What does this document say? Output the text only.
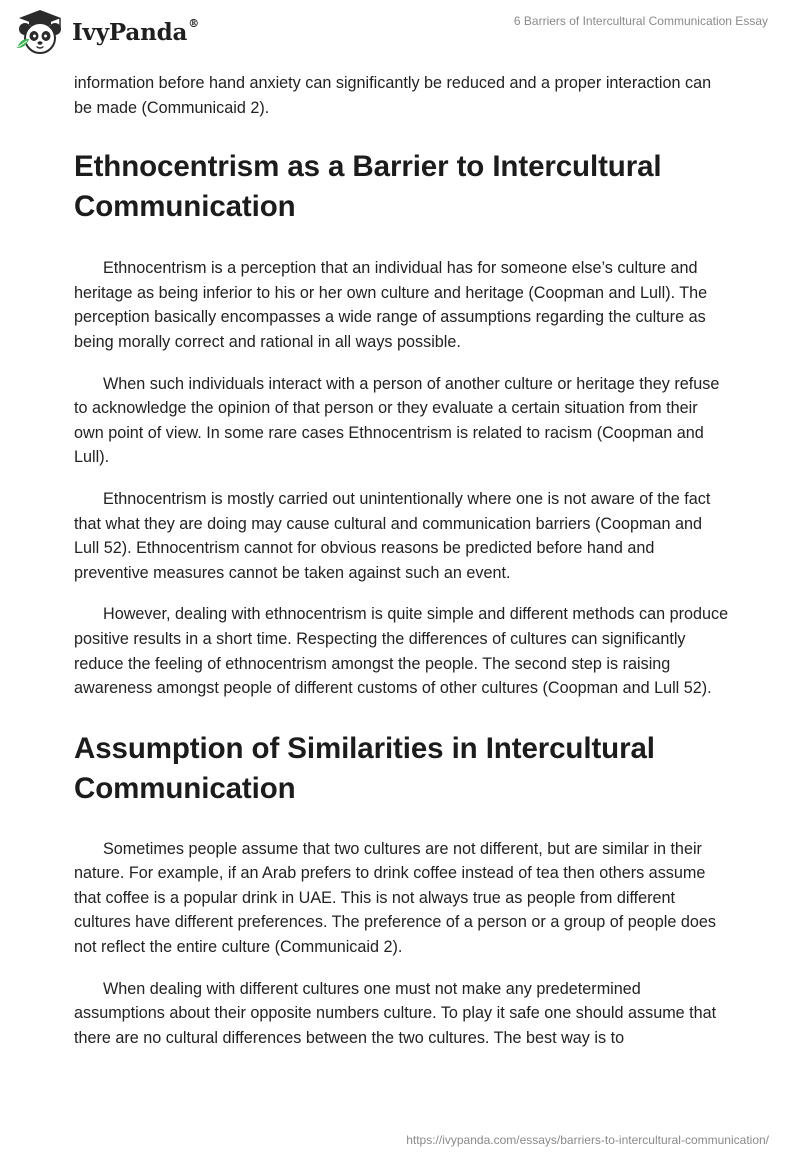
IvyPanda®	6 Barriers of Intercultural Communication Essay

information before hand anxiety can significantly be reduced and a proper interaction can be made (Communicaid 2).

Ethnocentrism as a Barrier to Intercultural Communication

Ethnocentrism is a perception that an individual has for someone else’s culture and heritage as being inferior to his or her own culture and heritage (Coopman and Lull). The perception basically encompasses a wide range of assumptions regarding the culture as being morally correct and rational in all ways possible.

When such individuals interact with a person of another culture or heritage they refuse to acknowledge the opinion of that person or they evaluate a certain situation from their own point of view. In some rare cases Ethnocentrism is related to racism (Coopman and Lull).

Ethnocentrism is mostly carried out unintentionally where one is not aware of the fact that what they are doing may cause cultural and communication barriers (Coopman and Lull 52). Ethnocentrism cannot for obvious reasons be predicted before hand and preventive measures cannot be taken against such an event.

However, dealing with ethnocentrism is quite simple and different methods can produce positive results in a short time. Respecting the differences of cultures can significantly reduce the feeling of ethnocentrism amongst the people. The second step is raising awareness amongst people of different customs of other cultures (Coopman and Lull 52).

Assumption of Similarities in Intercultural Communication

Sometimes people assume that two cultures are not different, but are similar in their nature. For example, if an Arab prefers to drink coffee instead of tea then others assume that coffee is a popular drink in UAE. This is not always true as people from different cultures have different preferences. The preference of a person or a group of people does not reflect the entire culture (Communicaid 2).

When dealing with different cultures one must not make any predetermined assumptions about their opposite numbers culture. To play it safe one should assume that there are no cultural differences between the two cultures. The best way is to

https://ivypanda.com/essays/barriers-to-intercultural-communication/
